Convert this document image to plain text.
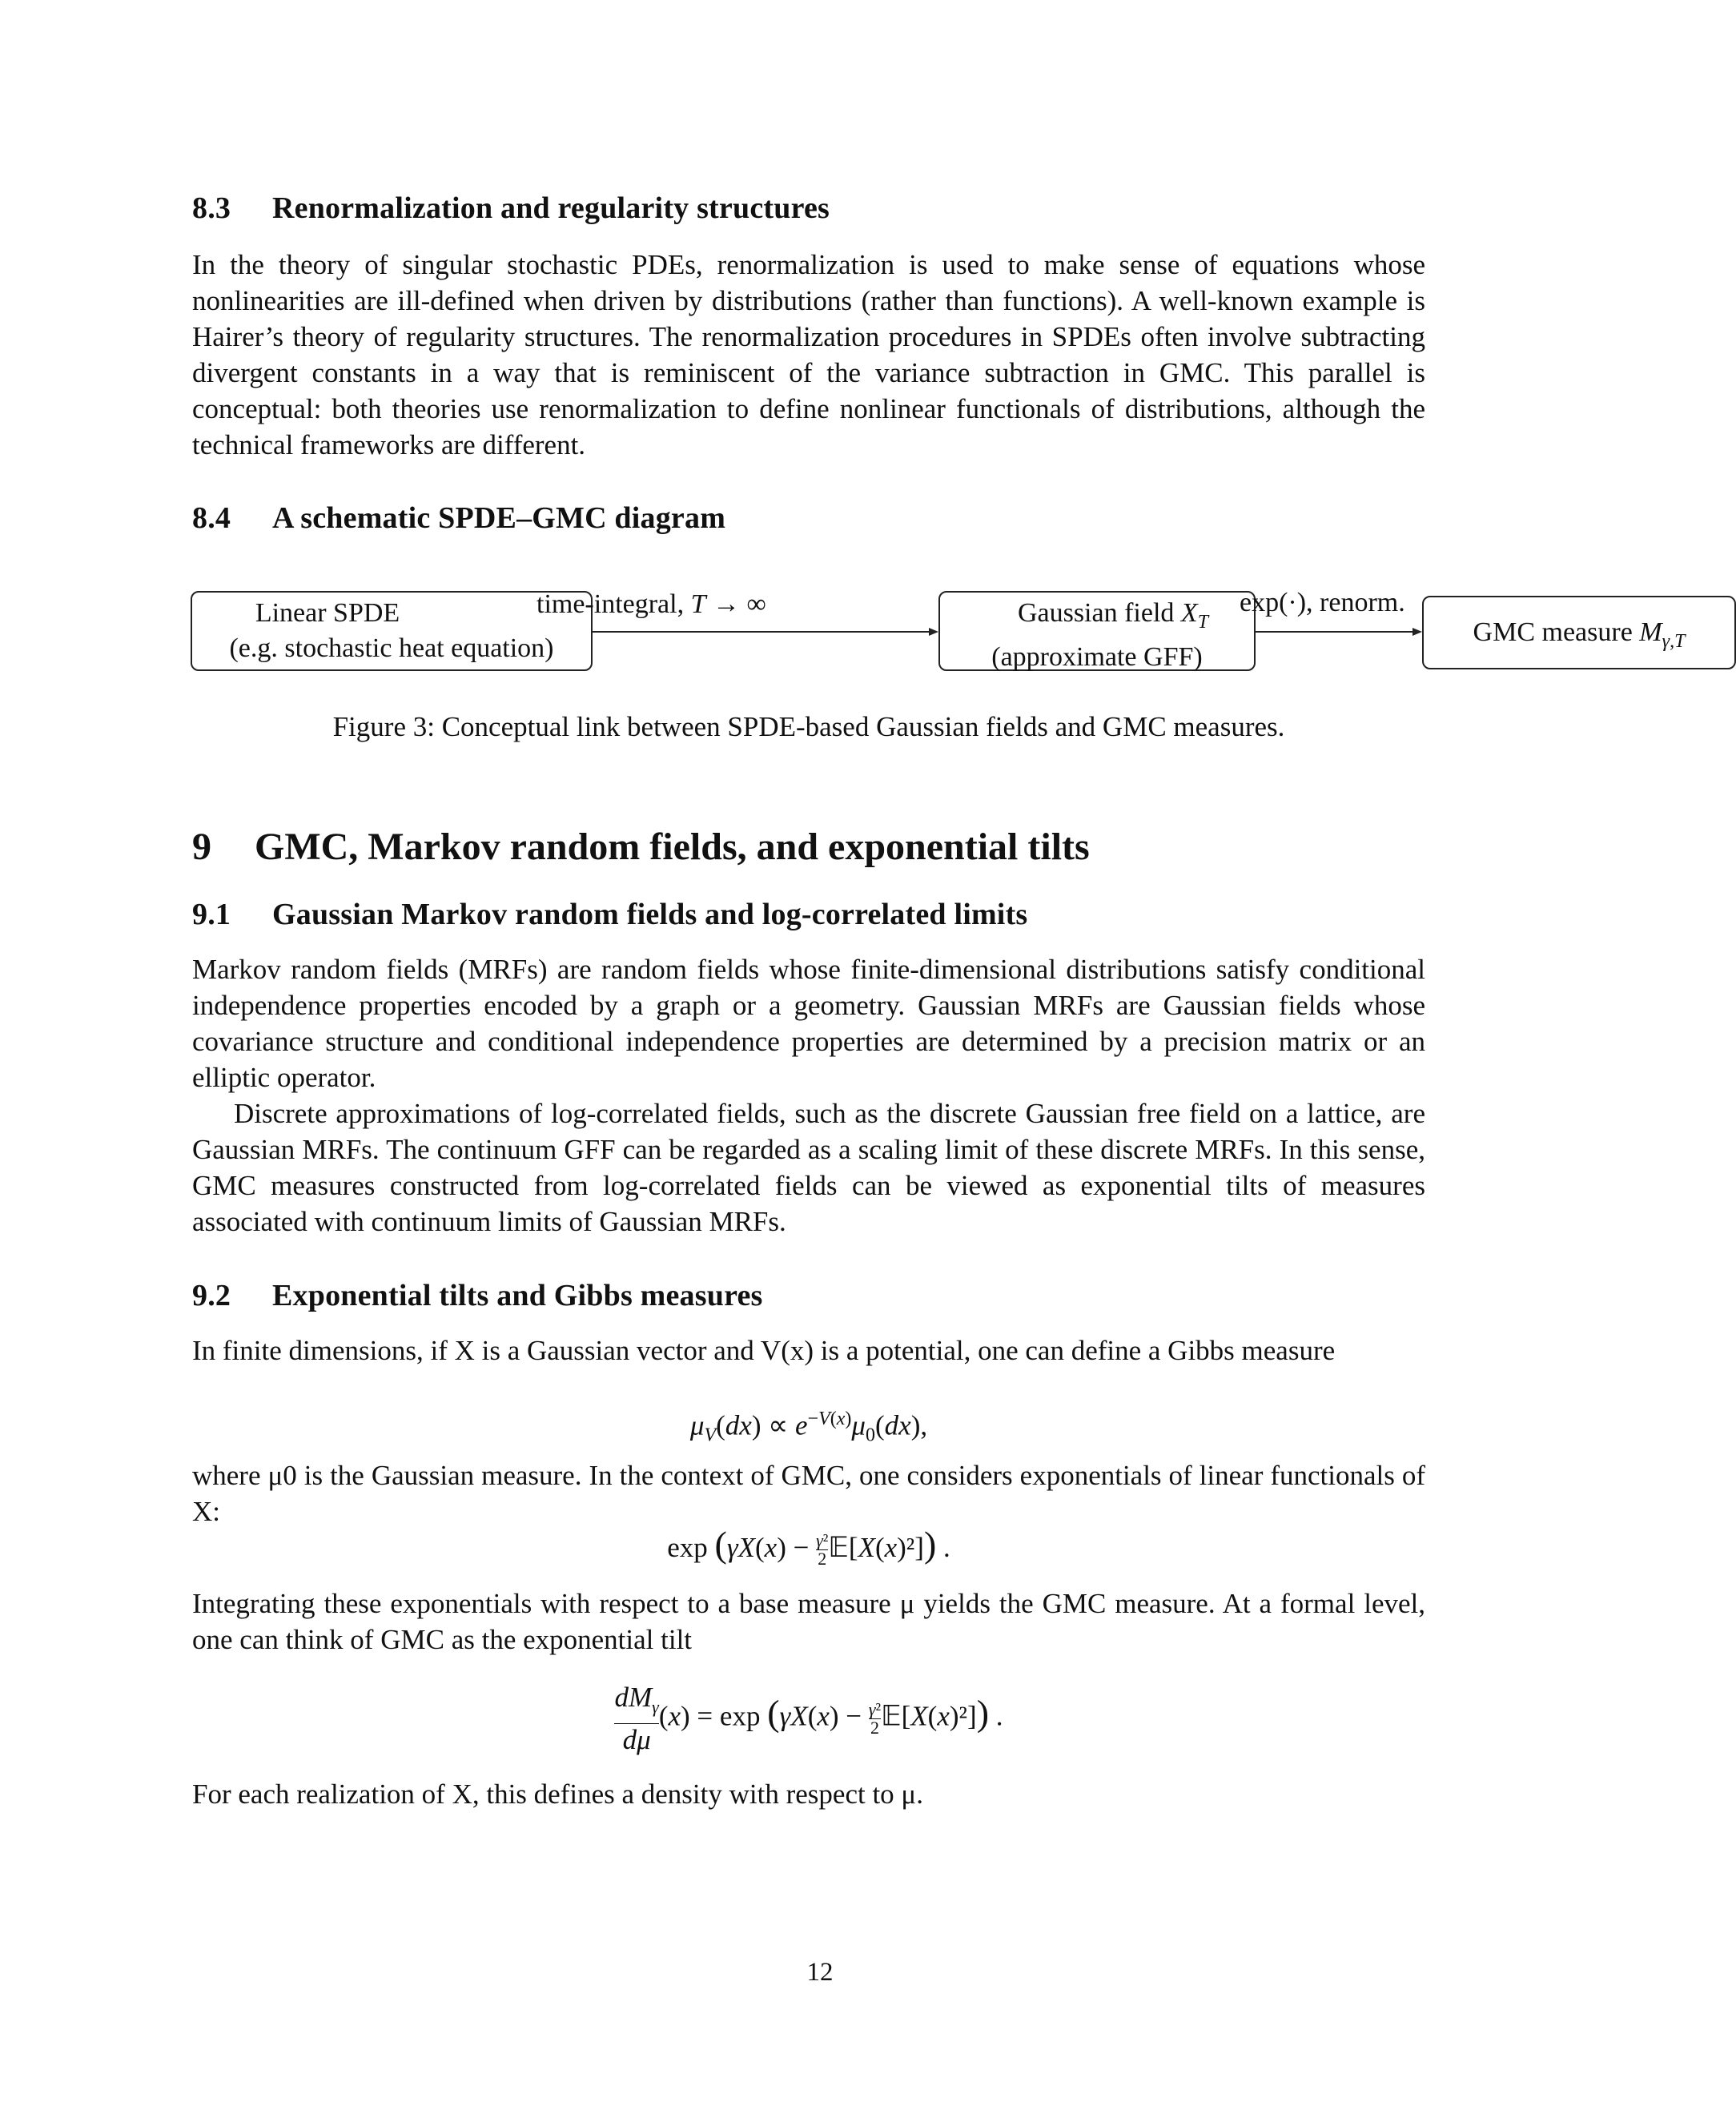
8.3 Renormalization and regularity structures

In the theory of singular stochastic PDEs, renormalization is used to make sense of equations whose nonlinearities are ill-defined when driven by distributions (rather than functions). A well-known example is Hairer’s theory of regularity structures. The renormalization procedures in SPDEs often involve subtracting divergent constants in a way that is reminiscent of the variance subtraction in GMC. This parallel is conceptual: both theories use renormalization to define nonlinear functionals of distributions, although the technical frameworks are different.

8.4 A schematic SPDE–GMC diagram
Linear SPDE
(e.g. stochastic heat equation)
time-integral, T → ∞	Gaussian field $X_T$
(approximate GFF)
exp(·), renorm.
GMC measure $M_{\gamma,T}$
Figure 3: Conceptual link between SPDE-based Gaussian fields and GMC measures.
9 GMC, Markov random fields, and exponential tilts
9.1 Gaussian Markov random fields and log-correlated limits

Markov random fields (MRFs) are random fields whose finite-dimensional distributions satisfy conditional independence properties encoded by a graph or a geometry. Gaussian MRFs are Gaussian fields whose covariance structure and conditional independence properties are determined by a precision matrix or an elliptic operator.

Discrete approximations of log-correlated fields, such as the discrete Gaussian free field on a lattice, are Gaussian MRFs. The continuum GFF can be regarded as a scaling limit of these discrete MRFs. In this sense, GMC measures constructed from log-correlated fields can be viewed as exponential tilts of measures associated with continuum limits of Gaussian MRFs.

9.2 Exponential tilts and Gibbs measures

In finite dimensions, if X is a Gaussian vector and V(x) is a potential, one can define a Gibbs measure

$\mu_V(dx) \propto e^{-V(x)}\mu_0(dx)$,

where μ0 is the Gaussian measure. In the context of GMC, one considers exponentials of linear functionals of X:

$\exp (\gamma X(x) - \frac{\text{γ²}}{2}$ 𝔼[X(x)²]) .

Integrating these exponentials with respect to a base measure μ yields the GMC measure. At a formal level, one can think of GMC as the exponential tilt

$dM_\gamma$
dμ
$(x) = \exp (\gamma X(x) - \frac{\text{γ²}}{2}$ 𝔼[X(x)²]) .

For each realization of X, this defines a density with respect to μ.

12
